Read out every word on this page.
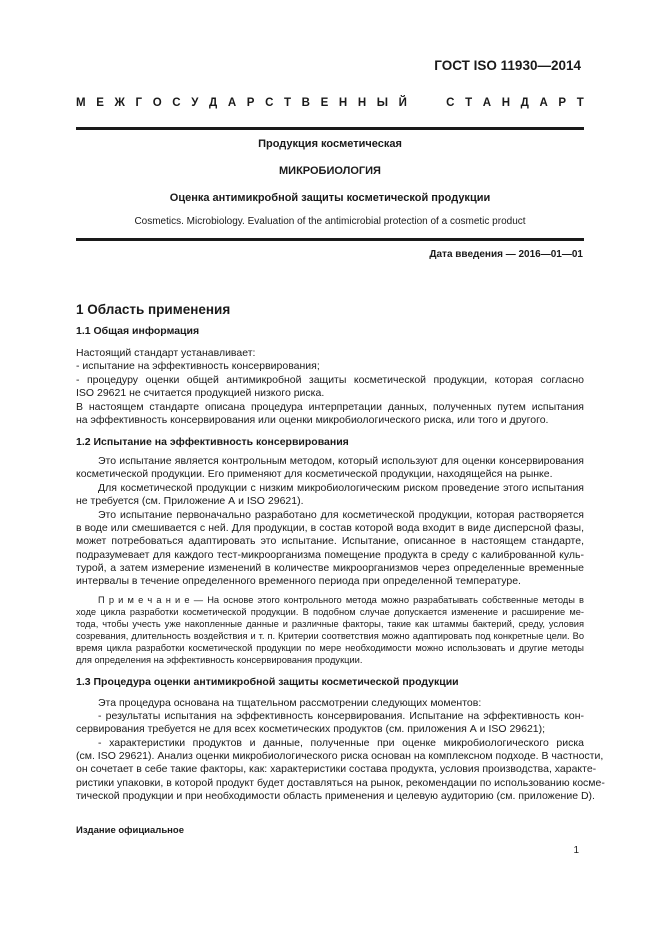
ГОСТ ISO 11930—2014
М Е Ж Г О С У Д А Р С Т В Е Н Н Ы Й	С Т А Н Д А Р Т
Продукция косметическая
МИКРОБИОЛОГИЯ
Оценка антимикробной защиты косметической продукции
Cosmetics. Microbiology. Evaluation of the antimicrobial protection of a cosmetic product
Дата введения — 2016—01—01
1 Область применения
1.1 Общая информация
Настоящий стандарт устанавливает:
- испытание на эффективность консервирования;
- процедуру оценки общей антимикробной защиты косметической продукции, которая согласно
ISO 29621 не считается продукцией низкого риска.
В настоящем стандарте описана процедура интерпретации данных, полученных путем испытания
на эффективность консервирования или оценки микробиологического риска, или того и другого.
1.2 Испытание на эффективность консервирования
Это испытание является контрольным методом, который используют для оценки консервирования
косметической продукции. Его применяют для косметической продукции, находящейся на рынке.
Для косметической продукции с низким микробиологическим риском проведение этого испытания
не требуется (см. Приложение А и ISO 29621).
Это испытание первоначально разработано для косметической продукции, которая растворяется
в воде или смешивается с ней. Для продукции, в состав которой вода входит в виде дисперсной фазы,
может потребоваться адаптировать это испытание. Испытание, описанное в настоящем стандарте,
подразумевает для каждого тест-микроорганизма помещение продукта в среду с калиброванной куль-
турой, а затем измерение изменений в количестве микроорганизмов через определенные временные
интервалы в течение определенного временного периода при определенной температуре.
П р и м е ч а н и е — На основе этого контрольного метода можно разрабатывать собственные методы в
ходе цикла разработки косметической продукции. В подобном случае допускается изменение и расширение ме-
тода, чтобы учесть уже накопленные данные и различные факторы, такие как штаммы бактерий, среду, условия
созревания, длительность воздействия и т. п. Критерии соответствия можно адаптировать под конкретные цели. Во
время цикла разработки косметической продукции по мере необходимости можно использовать и другие методы
для определения на эффективность консервирования продукции.
1.3 Процедура оценки антимикробной защиты косметической продукции
Эта процедура основана на тщательном рассмотрении следующих моментов:
- результаты испытания на эффективность консервирования. Испытание на эффективность кон-
сервирования требуется не для всех косметических продуктов (см. приложения А и ISO 29621);
- характеристики продуктов и данные, полученные при оценке микробиологического риска
(см. ISO 29621). Анализ оценки микробиологического риска основан на комплексном подходе. В частности,
он сочетает в себе такие факторы, как: характеристики состава продукта, условия производства, характе-
ристики упаковки, в которой продукт будет доставляться на рынок, рекомендации по использованию косме-
тической продукции и при необходимости область применения и целевую аудиторию (см. приложение D).
Издание официальное
1
